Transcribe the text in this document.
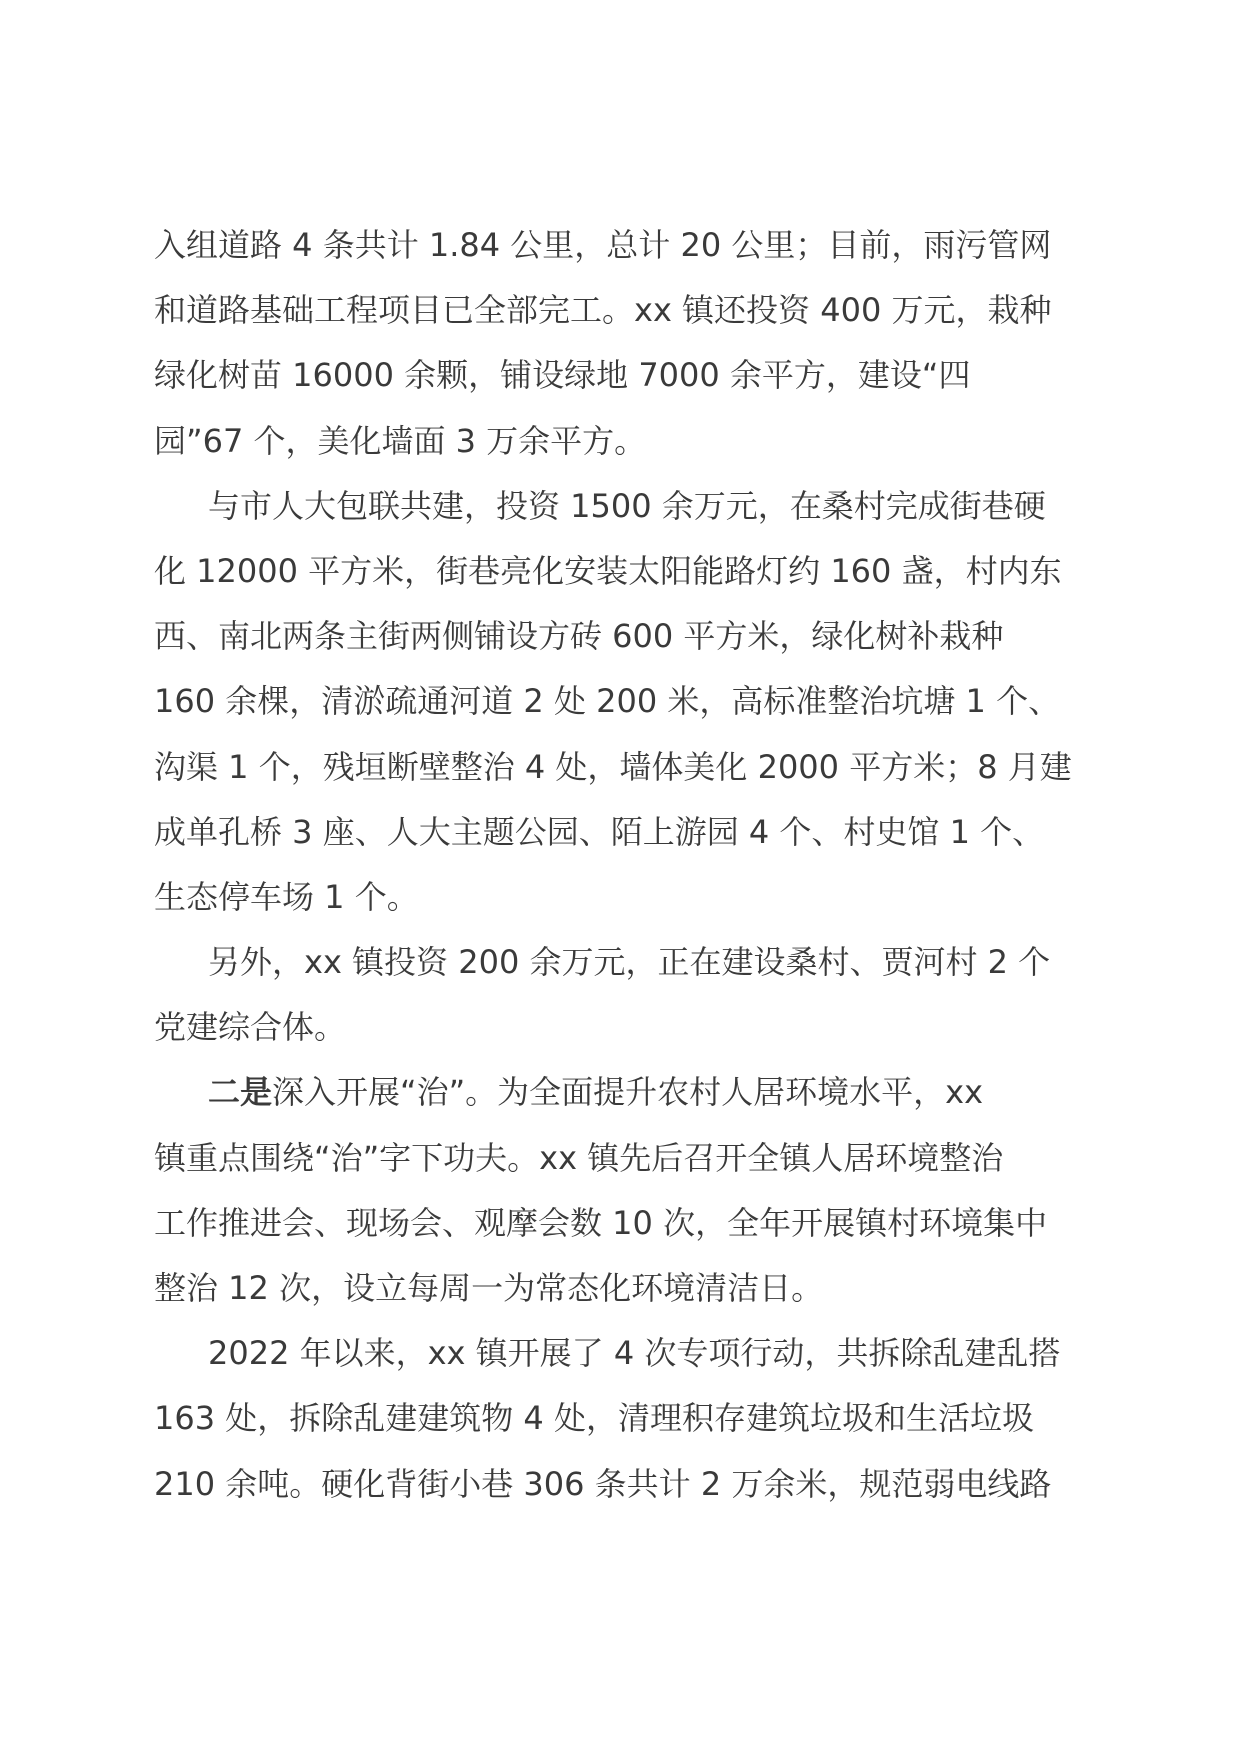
入组道路 4 条共计 1.84 公里，总计 20 公里；目前，雨污管网
和道路基础工程项目已全部完工。xx 镇还投资 400 万元，栽种
绿化树苗 16000 余颗，铺设绿地 7000 余平方，建设“四
园”67 个，美化墙面 3 万余平方。
与市人大包联共建，投资 1500 余万元，在桑村完成街巷硬
化 12000 平方米，街巷亮化安装太阳能路灯约 160 盏，村内东
西、南北两条主街两侧铺设方砖 600 平方米，绿化树补栽种
160 余棵，清淤疏通河道 2 处 200 米，高标准整治坑塘 1 个、
沟渠 1 个，残垣断壁整治 4 处，墙体美化 2000 平方米；8 月建
成单孔桥 3 座、人大主题公园、陌上游园 4 个、村史馆 1 个、
生态停车场 1 个。
另外，xx 镇投资 200 余万元，正在建设桑村、贾河村 2 个
党建综合体。
二是深入开展“治”。为全面提升农村人居环境水平，xx
镇重点围绕“治”字下功夫。xx 镇先后召开全镇人居环境整治
工作推进会、现场会、观摩会数 10 次，全年开展镇村环境集中
整治 12 次，设立每周一为常态化环境清洁日。
2022 年以来，xx 镇开展了 4 次专项行动，共拆除乱建乱搭
163 处，拆除乱建建筑物 4 处，清理积存建筑垃圾和生活垃圾
210 余吨。硬化背街小巷 306 条共计 2 万余米，规范弱电线路
